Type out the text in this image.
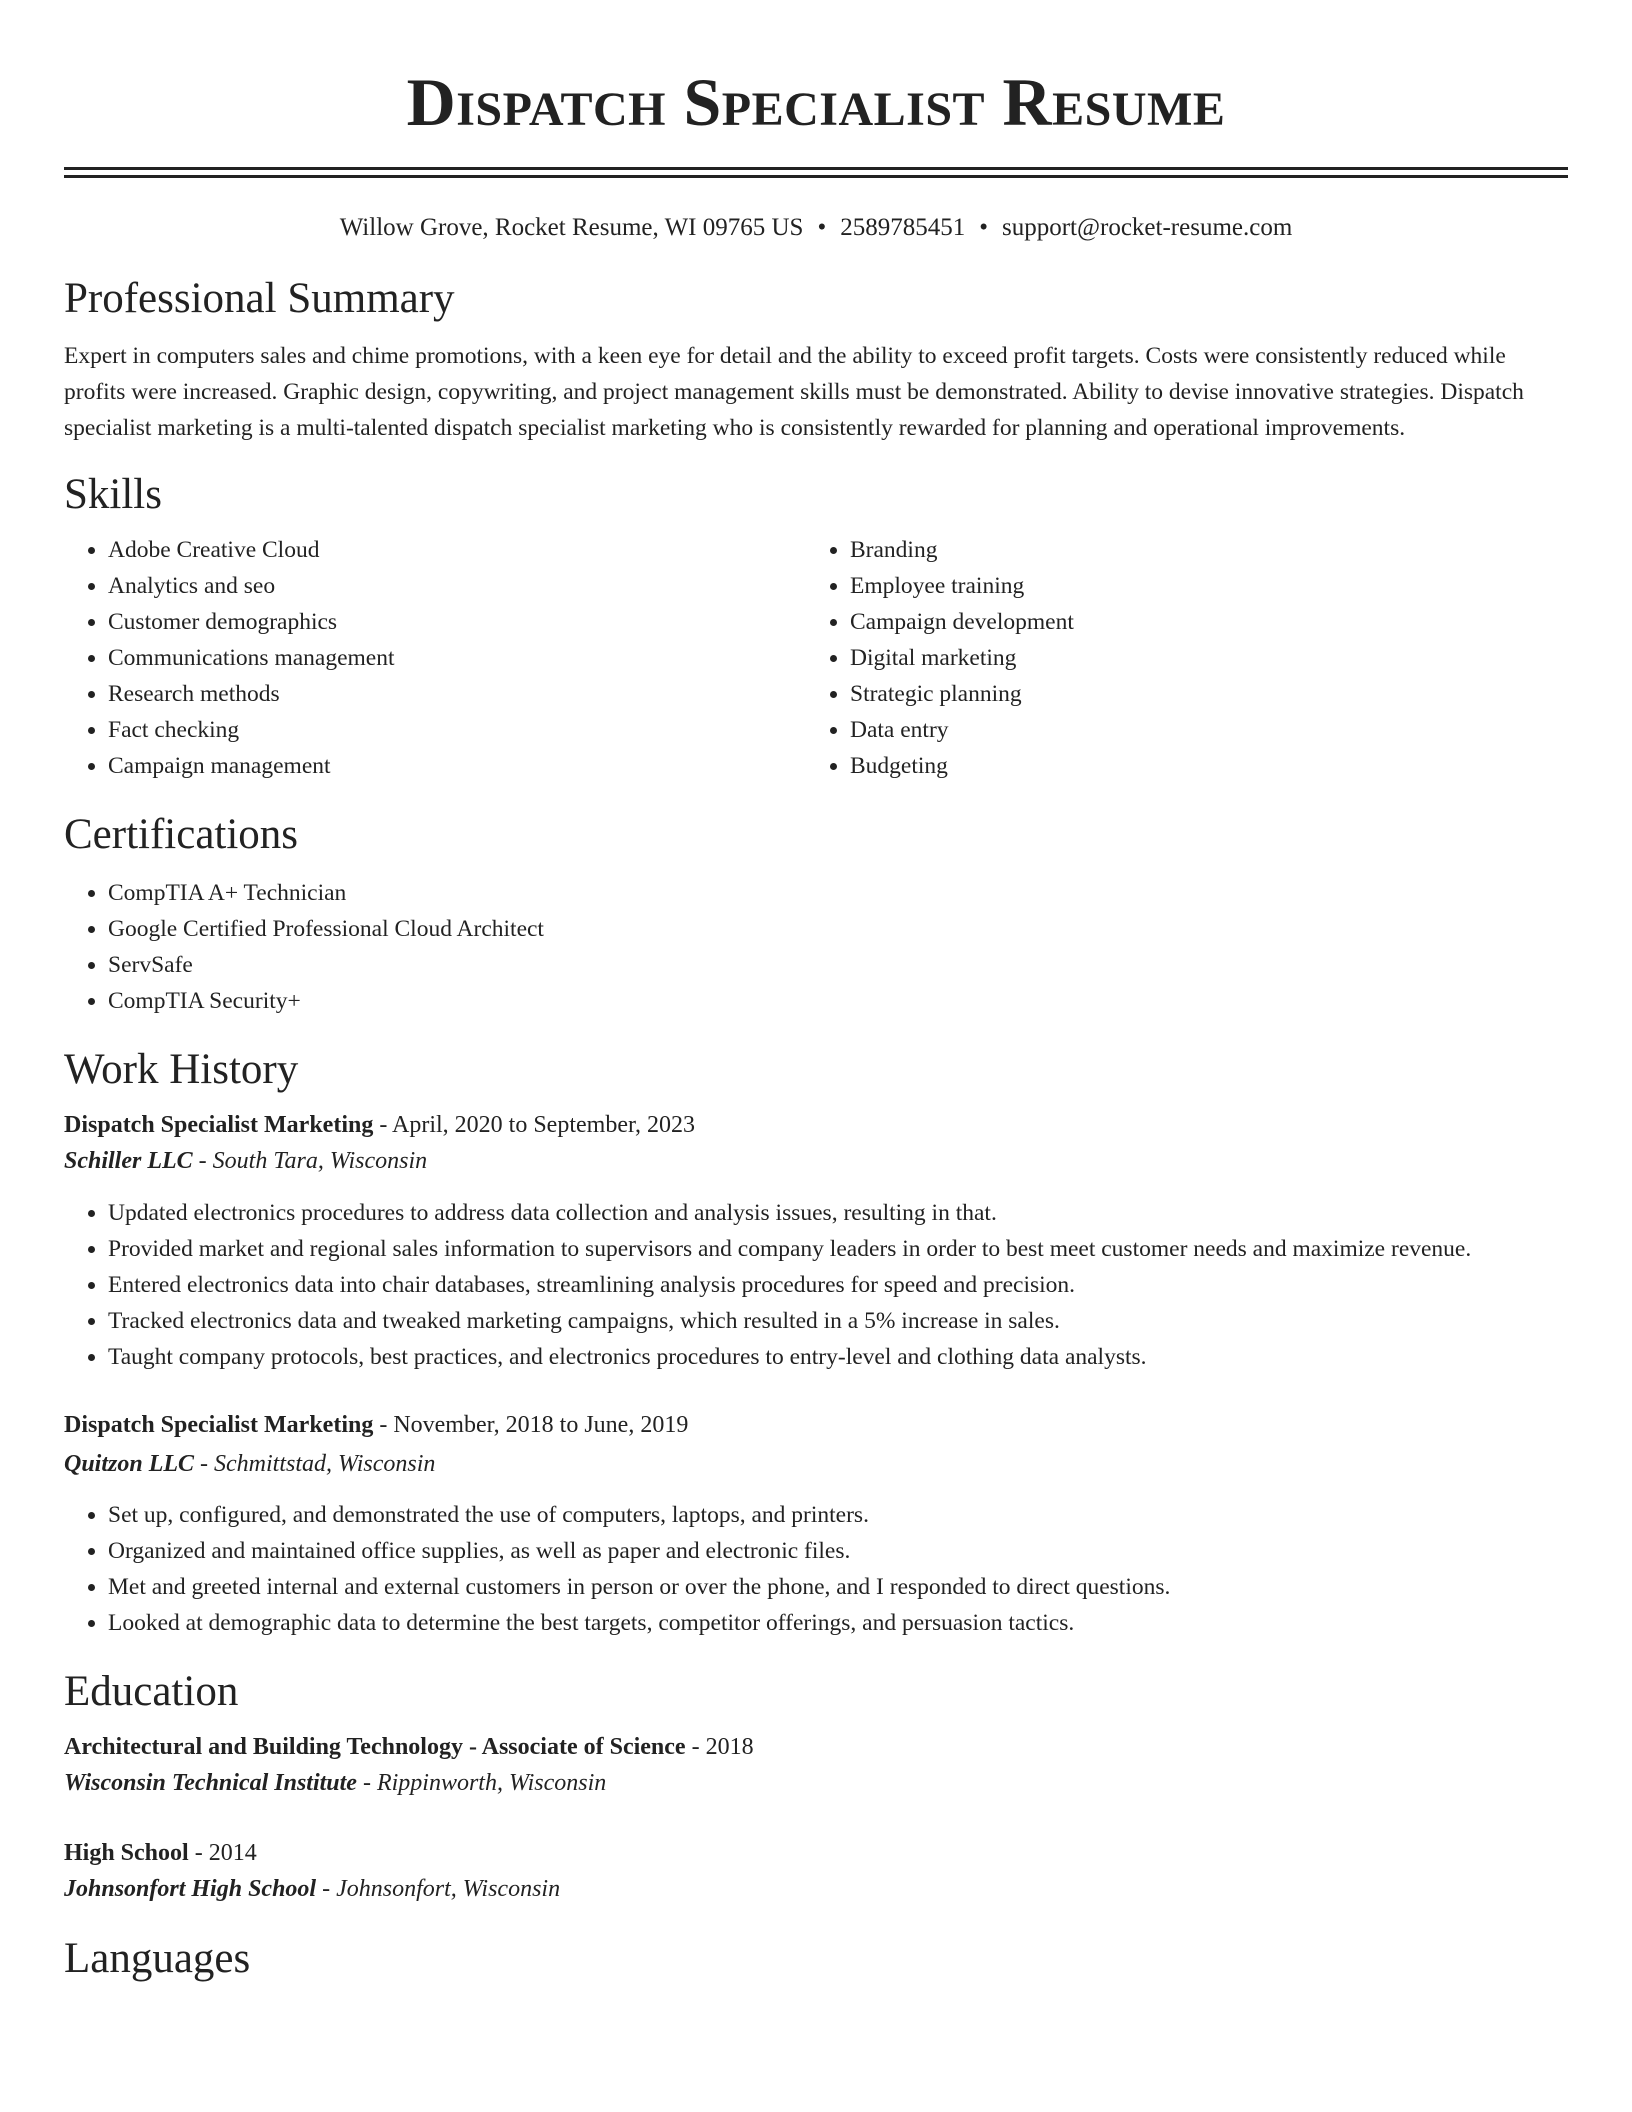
Dispatch Specialist Resume
Willow Grove, Rocket Resume, WI 09765 US • 2589785451 • support@rocket-resume.com
Professional Summary

Expert in computers sales and chime promotions, with a keen eye for detail and the ability to exceed profit targets. Costs were consistently reduced while profits were increased. Graphic design, copywriting, and project management skills must be demonstrated. Ability to devise innovative strategies. Dispatch specialist marketing is a multi-talented dispatch specialist marketing who is consistently rewarded for planning and operational improvements.

Skills
• Adobe Creative Cloud
• Analytics and seo
• Customer demographics
• Communications management
• Research methods
• Fact checking
• Campaign management
• Branding
• Employee training
• Campaign development
• Digital marketing
• Strategic planning
• Data entry
• Budgeting
Certifications
• CompTIA A+ Technician
• Google Certified Professional Cloud Architect
• ServSafe
• CompTIA Security+
Work History

Dispatch Specialist Marketing - April, 2020 to September, 2023

Schiller LLC - South Tara, Wisconsin

• Updated electronics procedures to address data collection and analysis issues, resulting in that.
• Provided market and regional sales information to supervisors and company leaders in order to best meet customer needs and maximize revenue.
• Entered electronics data into chair databases, streamlining analysis procedures for speed and precision.
• Tracked electronics data and tweaked marketing campaigns, which resulted in a 5% increase in sales.
• Taught company protocols, best practices, and electronics procedures to entry-level and clothing data analysts.

Dispatch Specialist Marketing - November, 2018 to June, 2019

Quitzon LLC - Schmittstad, Wisconsin

• Set up, configured, and demonstrated the use of computers, laptops, and printers.
• Organized and maintained office supplies, as well as paper and electronic files.
• Met and greeted internal and external customers in person or over the phone, and I responded to direct questions.
• Looked at demographic data to determine the best targets, competitor offerings, and persuasion tactics.
Education

Architectural and Building Technology - Associate of Science - 2018

Wisconsin Technical Institute - Rippinworth, Wisconsin

High School - 2014

Johnsonfort High School - Johnsonfort, Wisconsin

Languages
